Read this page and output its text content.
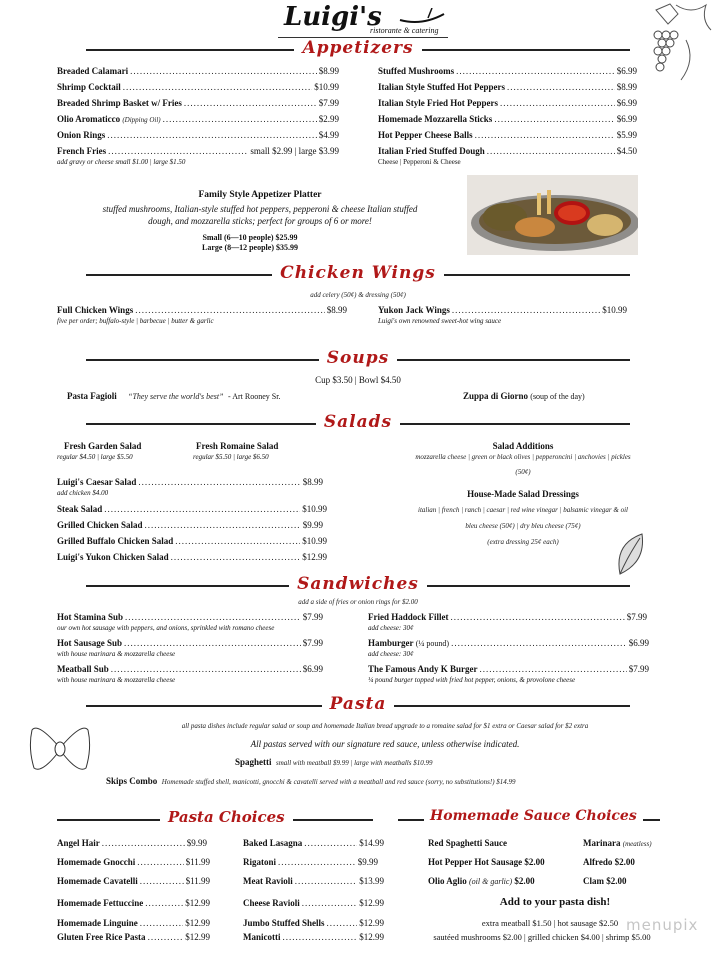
Luigi's
ristorante & catering
Appetizers
Breaded Calamari .....	$8.99
Shrimp Cocktail .....	$10.99
Breaded Shrimp Basket w/ Fries .....	$7.99
Olio Aromaticco
(Dipping Oil) .....	$2.99
Onion Rings .....	$4.99
French Fries .....	small $2.99 | large $3.99
add gravy or cheese small $1.00 | large $1.50
Stuffed Mushrooms .....	$6.99
Italian Style Stuffed Hot Peppers .....	$8.99
Italian Style Fried Hot Peppers .....	$6.99
Homemade Mozzarella Sticks .....	$6.99
Hot Pepper Cheese Balls .....	$5.99
Italian Fried Stuffed Dough .....	$4.50
Cheese | Pepperoni & Cheese
Family Style Appetizer Platter
stuffed mushrooms, Italian-style stuffed hot peppers, pepperoni & cheese Italian stuffed
dough, and mozzarella sticks; perfect for groups of 6 or more!
Small (6—10 people) $25.99
Large (8—12 people) $35.99
Chicken Wings
add celery (50¢) & dressing (50¢)
Full Chicken Wings .....	$8.99
five per order; buffalo-style | barbecue | butter & garlic
Yukon Jack Wings .....	$10.99
Luigi's own renowned sweet-hot wing sauce
Soups
Cup $3.50 | Bowl $4.50
Pasta Fagioli “They serve the world's best” - Art Rooney Sr.	Zuppa di Giorno (soup of the day)
Salads
Fresh Garden Salad
regular $4.50 | large $5.50
Fresh Romaine Salad
regular $5.50 | large $6.50
Luigi's Caesar Salad .....	$8.99
add chicken $4.00
Steak Salad .....	$10.99
Grilled Chicken Salad .....	$9.99
Grilled Buffalo Chicken Salad .....	$10.99
Luigi's Yukon Chicken Salad .....	$12.99
Salad Additions
mozzarella cheese | green or black olives | pepperoncini | anchovies | pickles
(50¢)
House-Made Salad Dressings
italian | french | ranch | caesar | red wine vinegar | balsamic vinegar & oil
bleu cheese (50¢) | dry bleu cheese (75¢)
(extra dressing 25¢ each)
Sandwiches
add a side of fries or onion rings for $2.00
Hot Stamina Sub .....	$7.99
our own hot sausage with peppers, and onions, sprinkled with romano cheese
Hot Sausage Sub .....	$7.99
with house marinara & mozzarella cheese
Meatball Sub .....	$6.99
with house marinara & mozzarella cheese
Fried Haddock Fillet .....	$7.99
add cheese: 30¢
Hamburger
(¼ pound) .....	$6.99
add cheese: 30¢
The Famous Andy K Burger .....	$7.99
¼ pound burger topped with fried hot pepper, onions, & provolone cheese
Pasta
all pasta dishes include regular salad or soup and homemade Italian bread upgrade to a romaine salad for $1 extra or Caesar salad for $2 extra
All pastas served with our signature red sauce, unless otherwise indicated.
Spaghetti small with meatball $9.99 | large with meatballs $10.99
Skips Combo Homemade stuffed shell, manicotti, gnocchi & cavatelli served with a meatball and red sauce (sorry, no substitutions!) $14.99
Pasta Choices	Homemade Sauce Choices
Angel Hair .....	$9.99
Homemade Gnocchi .....	$11.99
Homemade Cavatelli .....	$11.99
Homemade Fettuccine .....	$12.99
Homemade Linguine .....	$12.99
Gluten Free Rice Pasta .....	$12.99
Baked Lasagna .....	$14.99
Rigatoni .....	$9.99
Meat Ravioli .....	$13.99
Cheese Ravioli .....	$12.99
Jumbo Stuffed Shells .....	$12.99
Manicotti .....	$12.99
Red Spaghetti Sauce	Marinara (meatless)
Hot Pepper Hot Sausage $2.00	Alfredo $2.00
Olio Aglio (oil & garlic) $2.00	Clam $2.00
Add to your pasta dish!
extra meatball $1.50 | hot sausage $2.50
sautéed mushrooms $2.00 | grilled chicken $4.00 | shrimp $5.00
menupix
